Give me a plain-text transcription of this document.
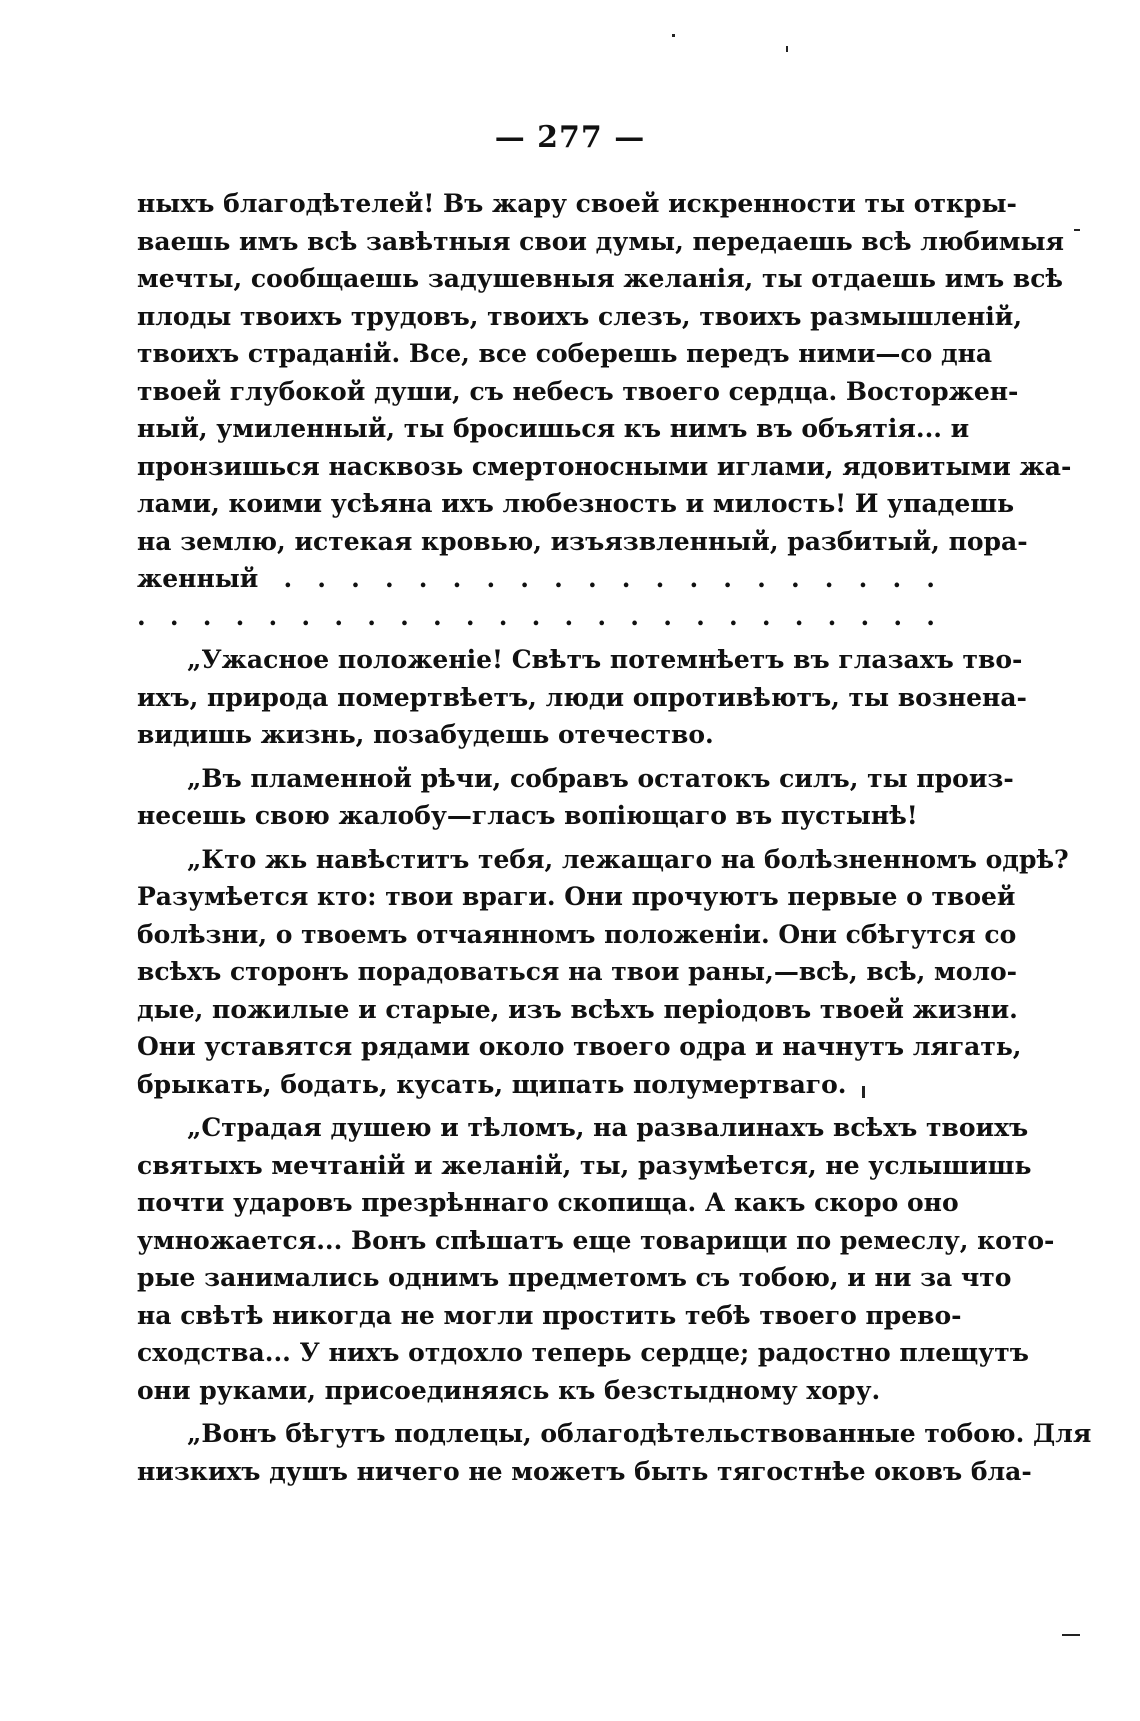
— 277 —
ныхъ благодѣтелей! Въ жару своей искренности ты откры-
ваешь имъ всѣ завѣтныя свои думы, передаешь всѣ любимыя
мечты, сообщаешь задушевныя желанія, ты отдаешь имъ всѣ
плоды твоихъ трудовъ, твоихъ слезъ, твоихъ размышленій,
твоихъ страданій. Все, все соберешь передъ ними—со дна
твоей глубокой души, съ небесъ твоего сердца. Восторжен-
ный, умиленный, ты бросишься къ нимъ въ объятія... и
пронзишься насквозь смертоносными иглами, ядовитыми жа-
лами, коими усѣяна ихъ любезность и милость! И упадешь
на землю, истекая кровью, изъязвленный, разбитый, пора-
женный . . . . . . . . . . . . . . . . . . . .
. . . . . . . . . . . . . . . . . . . . . . . . .
„Ужасное положеніе! Свѣтъ потемнѣетъ въ глазахъ тво-
ихъ, природа помертвѣетъ, люди опротивѣютъ, ты вознена-
видишь жизнь, позабудешь отечество.
„Въ пламенной рѣчи, собравъ остатокъ силъ, ты произ-
несешь свою жалобу—гласъ вопіющаго въ пустынѣ!
„Кто жь навѣститъ тебя, лежащаго на болѣзненномъ одрѣ?
Разумѣется кто: твои враги. Они прочуютъ первые о твоей
болѣзни, о твоемъ отчаянномъ положеніи. Они сбѣгутся со
всѣхъ сторонъ порадоваться на твои раны,—всѣ, всѣ, моло-
дые, пожилые и старые, изъ всѣхъ періодовъ твоей жизни.
Они уставятся рядами около твоего одра и начнутъ лягать,
брыкать, бодать, кусать, щипать полумертваго.
„Страдая душею и тѣломъ, на развалинахъ всѣхъ твоихъ
святыхъ мечтаній и желаній, ты, разумѣется, не услышишь
почти ударовъ презрѣннаго скопища. А какъ скоро оно
умножается... Вонъ спѣшатъ еще товарищи по ремеслу, кото-
рые занимались однимъ предметомъ съ тобою, и ни за что
на свѣтѣ никогда не могли простить тебѣ твоего прево-
сходства... У нихъ отдохло теперь сердце; радостно плещутъ
они руками, присоединяясь къ безстыдному хору.
„Вонъ бѣгутъ подлецы, облагодѣтельствованные тобою. Для
низкихъ душъ ничего не можетъ быть тягостнѣе оковъ бла-
